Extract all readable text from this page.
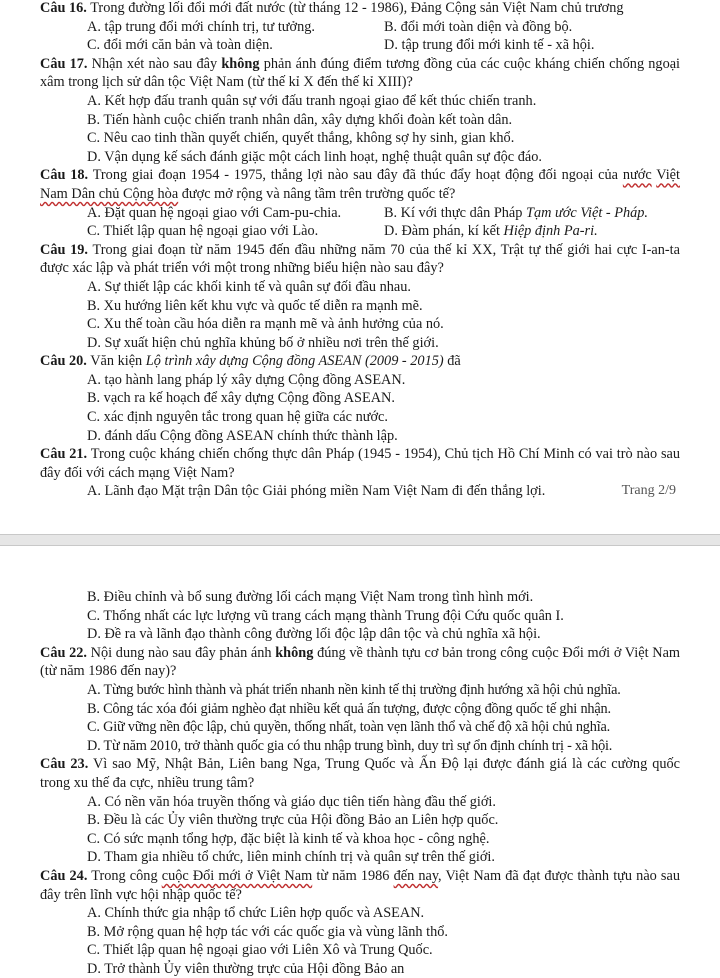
Câu 16. Trong đường lối đổi mới đất nước (từ tháng 12 - 1986), Đảng Cộng sản Việt Nam chủ trương

A. tập trung đổi mới chính trị, tư tưởng.	B. đổi mới toàn diện và đồng bộ.
C. đổi mới căn bản và toàn diện.	D. tập trung đổi mới kinh tế - xã hội.

Câu 17. Nhận xét nào sau đây không phản ánh đúng điểm tương đồng của các cuộc kháng chiến chống ngoại xâm trong lịch sử dân tộc Việt Nam (từ thế kỉ X đến thế kỉ XIII)?

A. Kết hợp đấu tranh quân sự với đấu tranh ngoại giao để kết thúc chiến tranh.

B. Tiến hành cuộc chiến tranh nhân dân, xây dựng khối đoàn kết toàn dân.

C. Nêu cao tinh thần quyết chiến, quyết thắng, không sợ hy sinh, gian khổ.

D. Vận dụng kế sách đánh giặc một cách linh hoạt, nghệ thuật quân sự độc đáo.

Câu 18. Trong giai đoạn 1954 - 1975, thắng lợi nào sau đây đã thúc đẩy hoạt động đối ngoại của nước Việt Nam Dân chủ Cộng hòa được mở rộng và nâng tầm trên trường quốc tế?

A. Đặt quan hệ ngoại giao với Cam-pu-chia.	B. Kí với thực dân Pháp Tạm ước Việt - Pháp.
C. Thiết lập quan hệ ngoại giao với Lào.	D. Đàm phán, kí kết Hiệp định Pa-ri.

Câu 19. Trong giai đoạn từ năm 1945 đến đầu những năm 70 của thế kỉ XX, Trật tự thế giới hai cực I-an-ta được xác lập và phát triển với một trong những biểu hiện nào sau đây?

A. Sự thiết lập các khối kinh tế và quân sự đối đầu nhau.

B. Xu hướng liên kết khu vực và quốc tế diễn ra mạnh mẽ.

C. Xu thế toàn cầu hóa diễn ra mạnh mẽ và ảnh hưởng của nó.

D. Sự xuất hiện chủ nghĩa khủng bố ở nhiều nơi trên thế giới.

Câu 20. Văn kiện Lộ trình xây dựng Cộng đồng ASEAN (2009 - 2015) đã

A. tạo hành lang pháp lý xây dựng Cộng đồng ASEAN.

B. vạch ra kế hoạch để xây dựng Cộng đồng ASEAN.

C. xác định nguyên tắc trong quan hệ giữa các nước.

D. đánh dấu Cộng đồng ASEAN chính thức thành lập.

Câu 21. Trong cuộc kháng chiến chống thực dân Pháp (1945 - 1954), Chủ tịch Hồ Chí Minh có vai trò nào sau đây đối với cách mạng Việt Nam?

A. Lãnh đạo Mặt trận Dân tộc Giải phóng miền Nam Việt Nam đi đến thắng lợi.	Trang 2/9

B. Điều chỉnh và bổ sung đường lối cách mạng Việt Nam trong tình hình mới.

C. Thống nhất các lực lượng vũ trang cách mạng thành Trung đội Cứu quốc quân I.

D. Đề ra và lãnh đạo thành công đường lối độc lập dân tộc và chủ nghĩa xã hội.

Câu 22. Nội dung nào sau đây phản ánh không đúng về thành tựu cơ bản trong công cuộc Đổi mới ở Việt Nam (từ năm 1986 đến nay)?

A. Từng bước hình thành và phát triển nhanh nền kinh tế thị trường định hướng xã hội chủ nghĩa.

B. Công tác xóa đói giảm nghèo đạt nhiều kết quả ấn tượng, được cộng đồng quốc tế ghi nhận.

C. Giữ vững nền độc lập, chủ quyền, thống nhất, toàn vẹn lãnh thổ và chế độ xã hội chủ nghĩa.

D. Từ năm 2010, trở thành quốc gia có thu nhập trung bình, duy trì sự ổn định chính trị - xã hội.

Câu 23. Vì sao Mỹ, Nhật Bản, Liên bang Nga, Trung Quốc và Ấn Độ lại được đánh giá là các cường quốc trong xu thế đa cực, nhiều trung tâm?

A. Có nền văn hóa truyền thống và giáo dục tiên tiến hàng đầu thế giới.

B. Đều là các Ủy viên thường trực của Hội đồng Bảo an Liên hợp quốc.

C. Có sức mạnh tổng hợp, đặc biệt là kinh tế và khoa học - công nghệ.

D. Tham gia nhiều tổ chức, liên minh chính trị và quân sự trên thế giới.

Câu 24. Trong công cuộc Đổi mới ở Việt Nam từ năm 1986 đến nay, Việt Nam đã đạt được thành tựu nào sau đây trên lĩnh vực hội nhập quốc tế?

A. Chính thức gia nhập tổ chức Liên hợp quốc và ASEAN.

B. Mở rộng quan hệ hợp tác với các quốc gia và vùng lãnh thổ.

C. Thiết lập quan hệ ngoại giao với Liên Xô và Trung Quốc.

D. Trở thành Ủy viên thường trực của Hội đồng Bảo an
